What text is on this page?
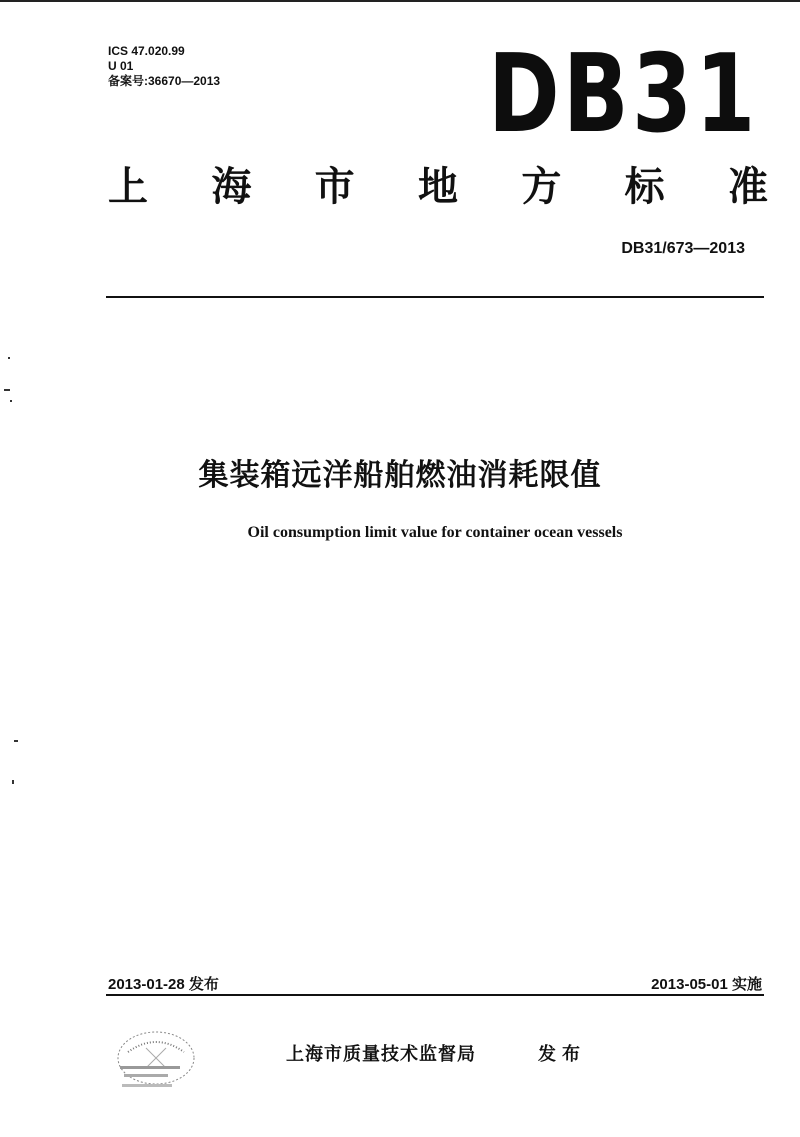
ICS 47.020.99
U 01
备案号:36670—2013 DB31
上 海 市 地 方 标 准
DB31/673—2013
集装箱远洋船舶燃油消耗限值
Oil consumption limit value for container ocean vessels
2013-01-28 发布	2013-05-01 实施
上海市质量技术监督局	发布
